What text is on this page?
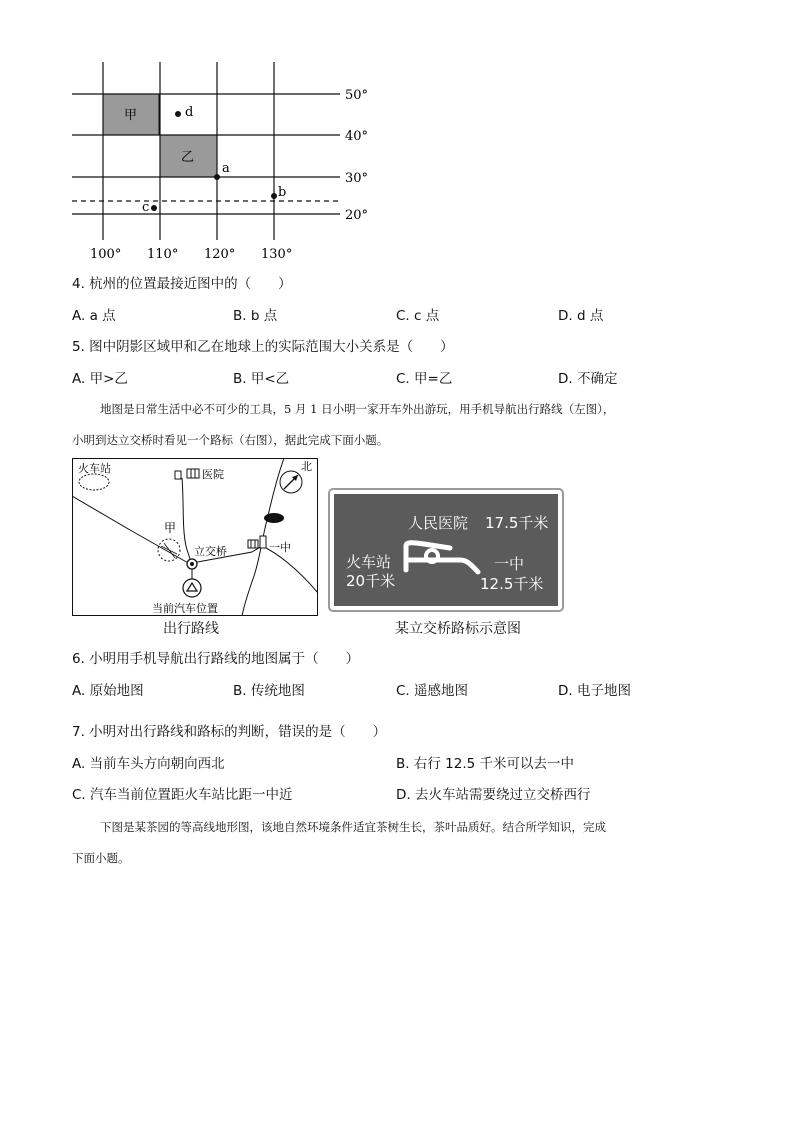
甲
乙
d
a
b
c
50°
40°
30°
20°
100° 110° 120° 130°
4. 杭州的位置最接近图中的（　　）
A. a 点	B. b 点	C. c 点	D. d 点
5. 图中阴影区域甲和乙在地球上的实际范围大小关系是（　　）
A. 甲>乙	B. 甲<乙	C. 甲=乙	D. 不确定
地图是日常生活中必不可少的工具，5 月 1 日小明一家开车外出游玩，用手机导航出行路线（左图），
小明到达立交桥时看见一个路标（右图），据此完成下面小题。
火车站	医院
北
甲
立交桥	一中
当前汽车位置
出行路线
人民医院 17.5千米
火车站
20千米
一中
12.5千米
某立交桥路标示意图
6. 小明用手机导航出行路线的地图属于（　　）
A. 原始地图	B. 传统地图	C. 遥感地图	D. 电子地图
7. 小明对出行路线和路标的判断，错误的是（　　）
A. 当前车头方向朝向西北	B. 右行 12.5 千米可以去一中
C. 汽车当前位置距火车站比距一中近	D. 去火车站需要绕过立交桥西行
下图是某茶园的等高线地形图，该地自然环境条件适宜茶树生长，茶叶品质好。结合所学知识，完成
下面小题。
